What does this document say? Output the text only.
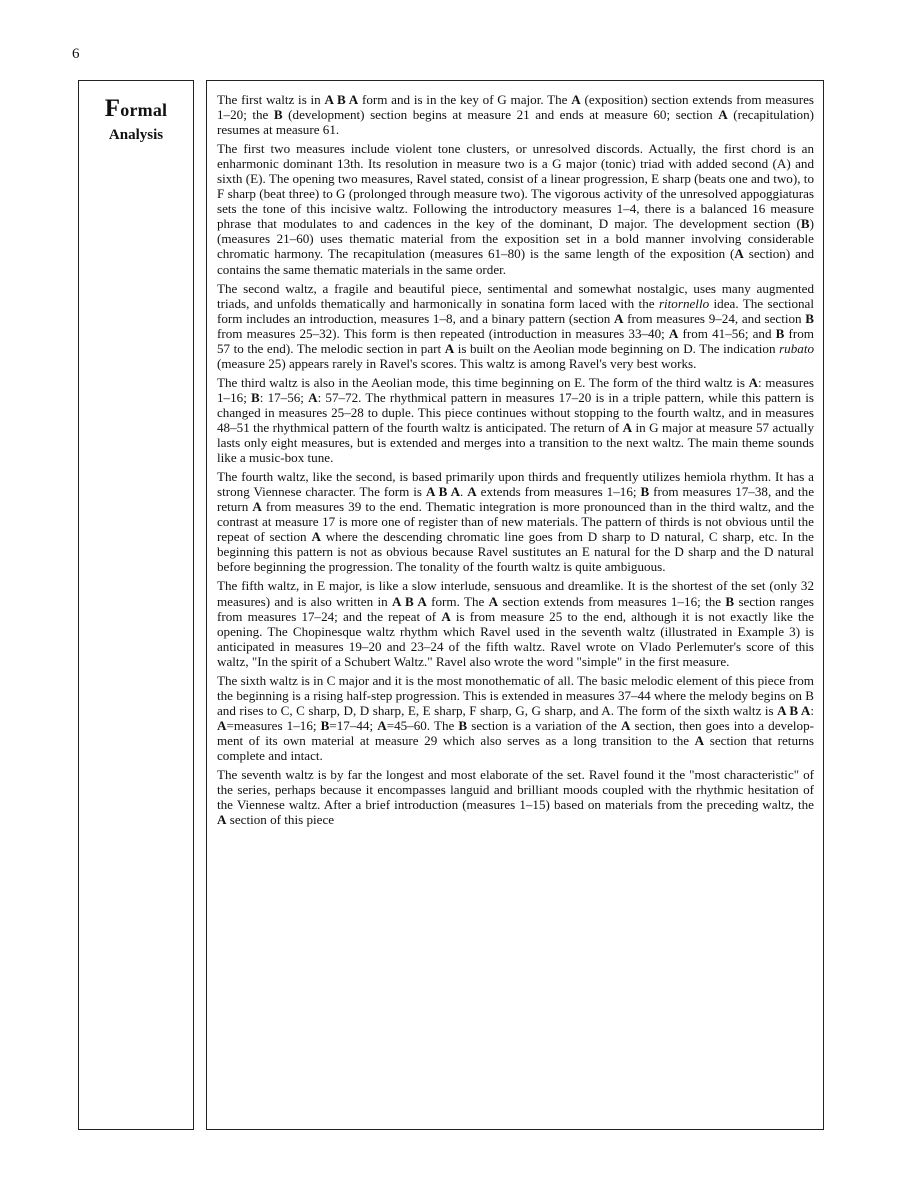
6
Formal
Analysis

The first waltz is in A B A form and is in the key of G major. The A (exposition) section extends from measures 1–20; the B (development) section begins at measure 21 and ends at measure 60; section A (recapitulation) resumes at measure 61.

The first two measures include violent tone clusters, or unresolved discords. Actually, the first chord is an enharmonic dominant 13th. Its resolution in measure two is a G major (tonic) triad with added second (A) and sixth (E). The opening two measures, Ravel stated, consist of a linear progression, E sharp (beats one and two), to F sharp (beat three) to G (prolonged through measure two). The vigorous activity of the unresolved appoggiaturas sets the tone of this incisive waltz. Following the introductory measures 1–4, there is a balanced 16 measure phrase that modulates to and cadences in the key of the dominant, D major. The development section (B) (measures 21–60) uses thematic material from the exposition set in a bold manner involving considerable chromatic harmony. The recapitulation (measures 61–80) is the same length of the exposition (A section) and contains the same thematic materials in the same order.

The second waltz, a fragile and beautiful piece, sentimental and somewhat nostalgic, uses many augmented triads, and unfolds thematically and harmonically in sonatina form laced with the ritornello idea. The sectional form includes an introduction, measures 1–8, and a binary pattern (section A from measures 9–24, and section B from measures 25–32). This form is then repeated (introduction in measures 33–40; A from 41–56; and B from 57 to the end). The melodic section in part A is built on the Aeolian mode beginning on D. The indication rubato (measure 25) appears rarely in Ravel's scores. This waltz is among Ravel's very best works.

The third waltz is also in the Aeolian mode, this time beginning on E. The form of the third waltz is A: measures 1–16; B: 17–56; A: 57–72. The rhythmical pattern in measures 17–20 is in a triple pattern, while this pattern is changed in measures 25–28 to duple. This piece continues without stopping to the fourth waltz, and in measures 48–51 the rhythmical pattern of the fourth waltz is anticipated. The return of A in G major at measure 57 actually lasts only eight measures, but is extended and merges into a transition to the next waltz. The main theme sounds like a music-box tune.

The fourth waltz, like the second, is based primarily upon thirds and frequently utilizes hemiola rhythm. It has a strong Viennese character. The form is A B A. A extends from measures 1–16; B from measures 17–38, and the return A from measures 39 to the end. Thematic integration is more pronounced than in the third waltz, and the contrast at measure 17 is more one of register than of new materials. The pattern of thirds is not obvious until the repeat of section A where the descending chromatic line goes from D sharp to D natural, C sharp, etc. In the beginning this pattern is not as obvious because Ravel sustitutes an E natural for the D sharp and the D natural before beginning the progression. The tonality of the fourth waltz is quite ambiguous.

The fifth waltz, in E major, is like a slow interlude, sensuous and dreamlike. It is the shortest of the set (only 32 measures) and is also written in A B A form. The A section extends from measures 1–16; the B section ranges from measures 17–24; and the repeat of A is from measure 25 to the end, although it is not exactly like the opening. The Chopinesque waltz rhythm which Ravel used in the seventh waltz (illustrated in Example 3) is anticipated in measures 19–20 and 23–24 of the fifth waltz. Ravel wrote on Vlado Perlemuter's score of this waltz, "In the spirit of a Schubert Waltz." Ravel also wrote the word "simple" in the first measure.

The sixth waltz is in C major and it is the most monothematic of all. The basic melodic element of this piece from the beginning is a rising half-step progression. This is extended in measures 37–44 where the melody begins on B and rises to C, C sharp, D, D sharp, E, E sharp, F sharp, G, G sharp, and A. The form of the sixth waltz is A B A: A=measures 1–16; B=17–44; A=45–60. The B section is a variation of the A section, then goes into a development of its own material at measure 29 which also serves as a long transition to the A section that returns complete and intact.

The seventh waltz is by far the longest and most elaborate of the set. Ravel found it the "most characteristic" of the series, perhaps because it encompasses languid and brilliant moods coupled with the rhythmic hesitation of the Viennese waltz. After a brief introduction (measures 1–15) based on materials from the preceding waltz, the A section of this piece
